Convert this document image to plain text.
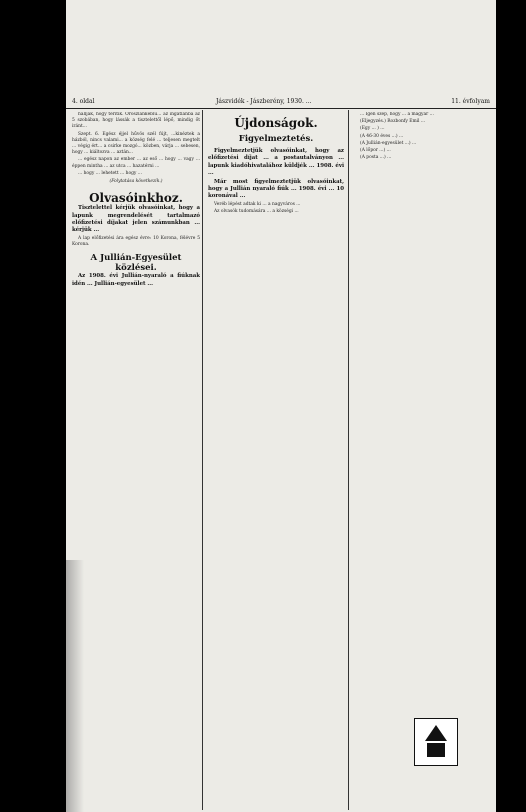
4. oldal	Jászvidék - Jászberény, 1930. ...	11. évfolyam

hallják, hogy terítik. Oroszlánkeblű... az ingatlanba az 5 szobában, hogy lássák a tisztelettől lépő, mindig őt iránt...

Szept. 6. Egész éjjel hűvös szél fújt, ...kinéztek a házból, nincs valami... a község felé ... teljesen megtelt ... végig ért... a csirke mozgó... közben, várja ... sebesen, hogy ... kiáltozva ... aztán...

... egész napon az ember ... az eső ... hogy ... vagy ... éppen mintha ... az utca ... hazatérni ...

... hogy ... lehetett ... hogy ...

(Folytatása következik.)
Olvasóinkhoz.

Tisztelettel kérjük olvasóinkat, hogy a lapunk megrendelését tartalmazó előfizetési díjakat jelen számunkban ... kérjük ...

A lap előfizetési ára egész évre: 10 Korona, félévre 5 Korona.

A Jullián-Egyesület közlései.

Az 1908. évi Jullián-nyaraló a fiúknak idén ... Jullián-egyesület ...

Újdonságok.
Figyelmeztetés.

Figyelmeztetjük olvasóinkat, hogy az előfizetési díjat ... a postautalványon ... lapunk kiadóhivatalához küldjék ... 1908. évi ...

Már most figyelmeztetjük olvasóinkat, hogy a Jullián nyaraló fiúk ... 1908. évi ... 10 koronával ...

Veréb lépést adtak ki ... a nagyváros ...

Az olvasók tudomására ... a községi ...

... Igen szép, hogy ... a magyar ...

(Eljegyzés.) Rozbonfy Emil ...

(Egy ... ) ...

(A 46-30 éves ...) ...

(A Jullián-egyesület ...) ...

(A lőpor ...) ...

(A posta ...) ...
